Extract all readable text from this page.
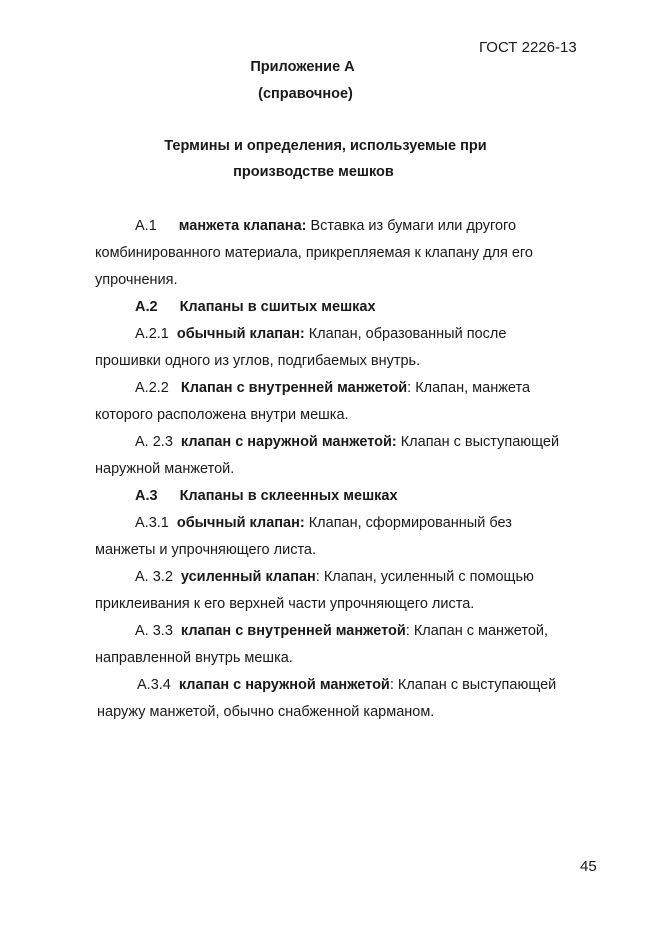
ГОСТ 2226-13
Приложение А
(справочное)
Термины и определения, используемые при
производстве мешков
А.1 манжета клапана: Вставка из бумаги или другого
комбинированного материала, прикрепляемая к клапану для его
упрочнения.
А.2 Клапаны в сшитых мешках
А.2.1 обычный клапан: Клапан, образованный после
прошивки одного из углов, подгибаемых внутрь.
А.2.2 Клапан с внутренней манжетой: Клапан, манжета
которого расположена внутри мешка.
А. 2.3 клапан с наружной манжетой: Клапан с выступающей
наружной манжетой.
А.3 Клапаны в склеенных мешках
А.3.1 обычный клапан: Клапан, сформированный без
манжеты и упрочняющего листа.
А. 3.2 усиленный клапан: Клапан, усиленный с помощью
приклеивания к его верхней части упрочняющего листа.
А. 3.3 клапан с внутренней манжетой: Клапан с манжетой,
направленной внутрь мешка.
А.3.4 клапан с наружной манжетой: Клапан с выступающей
наружу манжетой, обычно снабженной карманом.
45
